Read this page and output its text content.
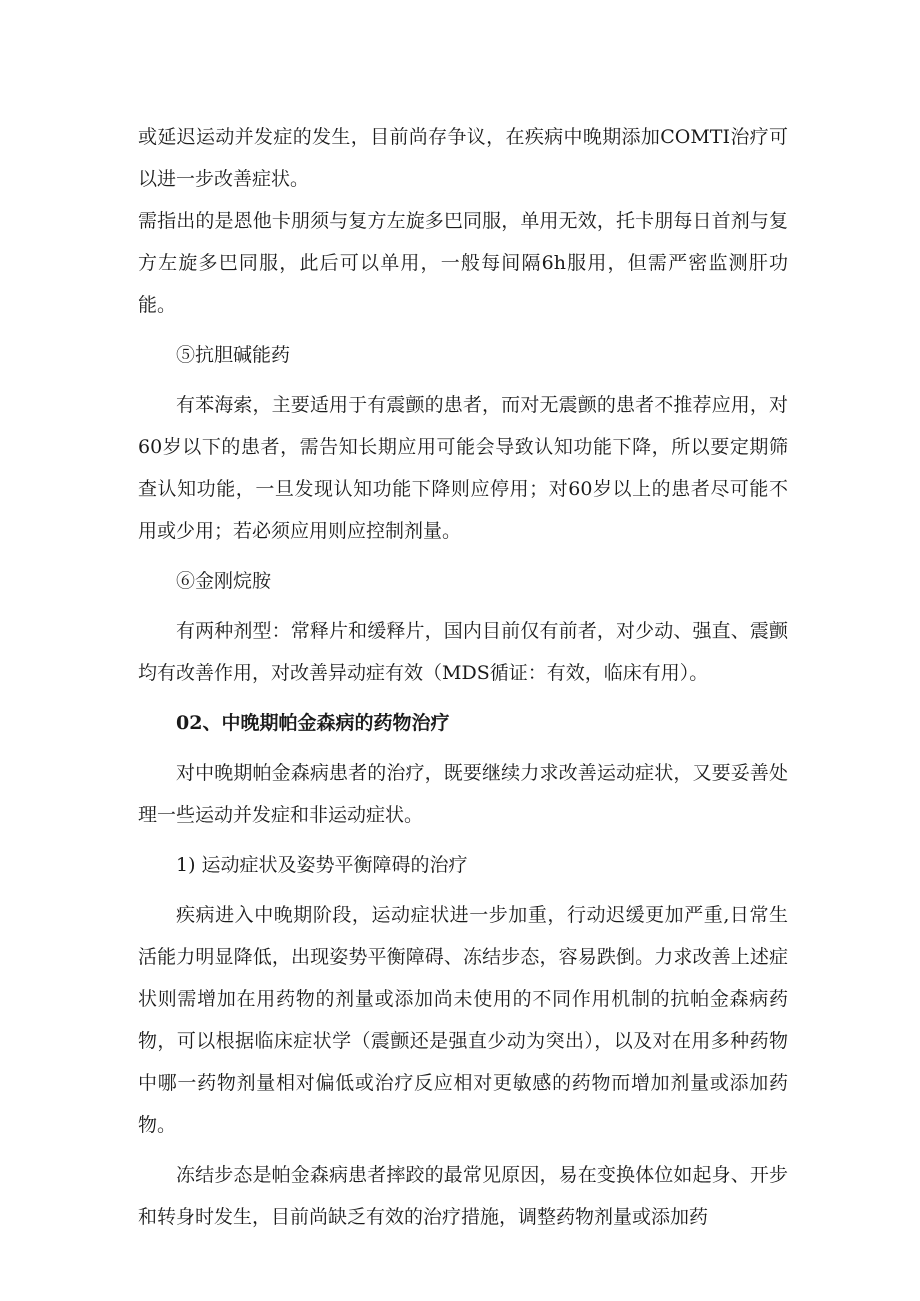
或延迟运动并发症的发生，目前尚存争议，在疾病中晚期添加COMTI治疗可以进一步改善症状。

需指出的是恩他卡朋须与复方左旋多巴同服，单用无效，托卡朋每日首剂与复方左旋多巴同服，此后可以单用，一般每间隔6h服用，但需严密监测肝功能。

⑤抗胆碱能药

有苯海索，主要适用于有震颤的患者，而对无震颤的患者不推荐应用，对60岁以下的患者，需告知长期应用可能会导致认知功能下降，所以要定期筛查认知功能，一旦发现认知功能下降则应停用；对60岁以上的患者尽可能不用或少用；若必须应用则应控制剂量。

⑥金刚烷胺

有两种剂型：常释片和缓释片，国内目前仅有前者，对少动、强直、震颤均有改善作用，对改善异动症有效（MDS循证：有效，临床有用）。

02、中晚期帕金森病的药物治疗

对中晚期帕金森病患者的治疗，既要继续力求改善运动症状，又要妥善处理一些运动并发症和非运动症状。

1) 运动症状及姿势平衡障碍的治疗

疾病进入中晚期阶段，运动症状进一步加重，行动迟缓更加严重,日常生活能力明显降低，出现姿势平衡障碍、冻结步态，容易跌倒。力求改善上述症状则需增加在用药物的剂量或添加尚未使用的不同作用机制的抗帕金森病药物，可以根据临床症状学（震颤还是强直少动为突出），以及对在用多种药物中哪一药物剂量相对偏低或治疗反应相对更敏感的药物而增加剂量或添加药物。

冻结步态是帕金森病患者摔跤的最常见原因，易在变换体位如起身、开步和转身时发生，目前尚缺乏有效的治疗措施，调整药物剂量或添加药
